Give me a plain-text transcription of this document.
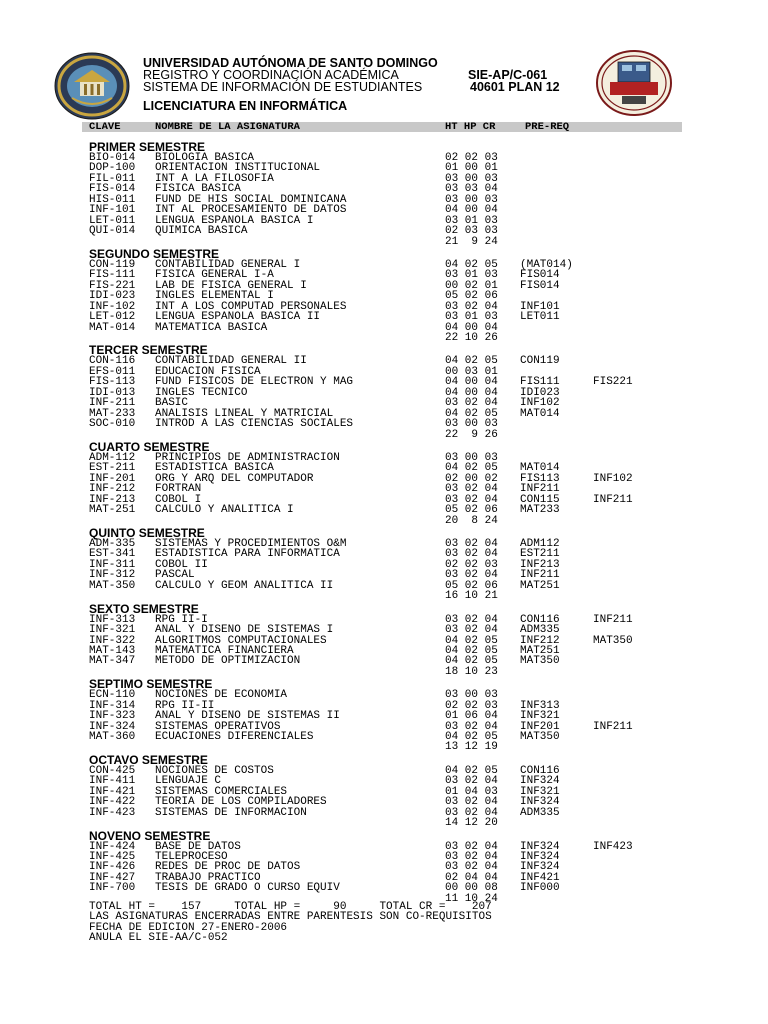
UNIVERSIDAD AUTÓNOMA DE SANTO DOMINGO
REGISTRO Y COORDINACIÓN ACADÉMICA
SISTEMA DE INFORMACIÓN DE ESTUDIANTES
SIE-AP/C-061
40601 PLAN 12
LICENCIATURA EN INFORMÁTICA
CLAVE	NOMBRE DE LA ASIGNATURA	HT HP CR	PRE-REQ
PRIMER SEMESTRE
BIO-014 BIOLOGIA BASICA	02 02 03
DOP-100 ORIENTACION INSTITUCIONAL	01 00 01
FIL-011 INT A LA FILOSOFIA	03 00 03
FIS-014 FISICA BASICA	03 03 04
HIS-011 FUND DE HIS SOCIAL DOMINICANA	03 00 03
INF-101 INT AL PROCESAMIENTO DE DATOS	04 00 04
LET-011 LENGUA ESPANOLA BASICA I	03 01 03
QUI-014 QUIMICA BASICA	02 03 03
21  9 24
SEGUNDO SEMESTRE
CON-119 CONTABILIDAD GENERAL I	04 02 05 (MAT014)
FIS-111 FISICA GENERAL I-A	03 01 03 FIS014
FIS-221 LAB DE FISICA GENERAL I	00 02 01 FIS014
IDI-023 INGLES ELEMENTAL I	05 02 06
INF-102 INT A LOS COMPUTAD PERSONALES	03 02 04 INF101
LET-012 LENGUA ESPANOLA BASICA II	03 01 03 LET011
MAT-014 MATEMATICA BASICA	04 00 04
22 10 26
TERCER SEMESTRE
CON-116 CONTABILIDAD GENERAL II	04 02 05 CON119
EFS-011 EDUCACION FISICA	00 03 01
FIS-113 FUND FISICOS DE ELECTRON Y MAG	04 00 04 FIS111	FIS221
IDI-013 INGLES TECNICO	04 00 04 IDI023
INF-211 BASIC	03 02 04 INF102
MAT-233 ANALISIS LINEAL Y MATRICIAL	04 02 05 MAT014
SOC-010 INTROD A LAS CIENCIAS SOCIALES	03 00 03
22  9 26
CUARTO SEMESTRE
ADM-112 PRINCIPIOS DE ADMINISTRACION	03 00 03
EST-211 ESTADISTICA BASICA	04 02 05 MAT014
INF-201 ORG Y ARQ DEL COMPUTADOR	02 00 02 FIS113	INF102
INF-212 FORTRAN	03 02 04 INF211
INF-213 COBOL I	03 02 04 CON115	INF211
MAT-251 CALCULO Y ANALITICA I	05 02 06 MAT233
20  8 24
QUINTO SEMESTRE
ADM-335 SISTEMAS Y PROCEDIMIENTOS O&M	03 02 04 ADM112
EST-341 ESTADISTICA PARA INFORMATICA	03 02 04 EST211
INF-311 COBOL II	02 02 03 INF213
INF-312 PASCAL	03 02 04 INF211
MAT-350 CALCULO Y GEOM ANALITICA II	05 02 06 MAT251
16 10 21
SEXTO SEMESTRE
INF-313 RPG II-I	03 02 04 CON116	INF211
INF-321 ANAL Y DISENO DE SISTEMAS I	03 02 04 ADM335
INF-322 ALGORITMOS COMPUTACIONALES	04 02 05 INF212	MAT350
MAT-143 MATEMATICA FINANCIERA	04 02 05 MAT251
MAT-347 METODO DE OPTIMIZACION	04 02 05 MAT350
18 10 23
SEPTIMO SEMESTRE
ECN-110 NOCIONES DE ECONOMIA	03 00 03
INF-314 RPG II-II	02 02 03 INF313
INF-323 ANAL Y DISENO DE SISTEMAS II	01 06 04 INF321
INF-324 SISTEMAS OPERATIVOS	03 02 04 INF201	INF211
MAT-360 ECUACIONES DIFERENCIALES	04 02 05 MAT350
13 12 19
OCTAVO SEMESTRE
CON-425 NOCIONES DE COSTOS	04 02 05 CON116
INF-411 LENGUAJE C	03 02 04 INF324
INF-421 SISTEMAS COMERCIALES	01 04 03 INF321
INF-422 TEORIA DE LOS COMPILADORES	03 02 04 INF324
INF-423 SISTEMAS DE INFORMACION	03 02 04 ADM335
14 12 20
NOVENO SEMESTRE
INF-424 BASE DE DATOS	03 02 04 INF324	INF423
INF-425 TELEPROCESO	03 02 04 INF324
INF-426 REDES DE PROC DE DATOS	03 02 04 INF324
INF-427 TRABAJO PRACTICO	02 04 04 INF421
INF-700 TESIS DE GRADO O CURSO EQUIV	00 00 08 INF000
11 10 24
TOTAL HT =    157     TOTAL HP =     90     TOTAL CR =    207
LAS ASIGNATURAS ENCERRADAS ENTRE PARENTESIS SON CO-REQUISITOS
FECHA DE EDICION 27-ENERO-2006
ANULA EL SIE-AA/C-052
